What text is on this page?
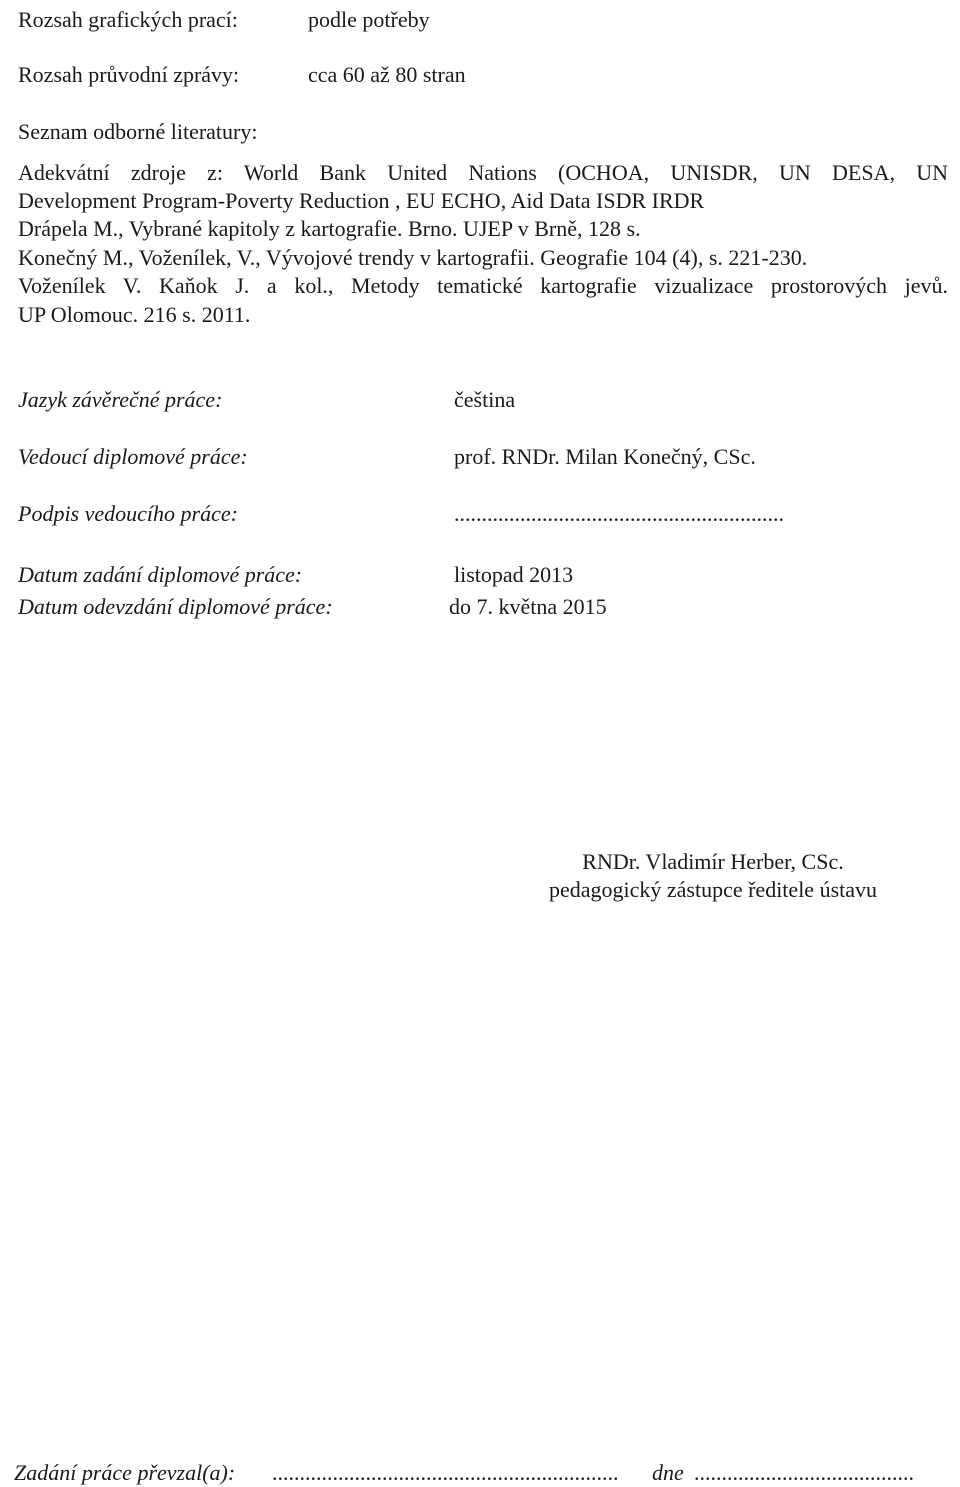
Rozsah grafických prací:	podle potřeby
Rozsah průvodní zprávy:	cca 60 až 80 stran
Seznam odborné literatury:
Adekvátní zdroje z: World Bank United Nations (OCHOA, UNISDR, UN DESA, UN
Development Program-Poverty Reduction , EU ECHO, Aid Data ISDR IRDR
Drápela M., Vybrané kapitoly z kartografie. Brno. UJEP v Brně, 128 s.
Konečný M., Voženílek, V., Vývojové trendy v kartografii. Geografie 104 (4), s. 221-230.
Voženílek V. Kaňok J. a kol., Metody tematické kartografie vizualizace prostorových jevů.
UP Olomouc. 216 s. 2011.
Jazyk závěrečné práce:	čeština
Vedoucí diplomové práce:	prof. RNDr. Milan Konečný, CSc.
Podpis vedoucího práce:	............................................................
Datum zadání diplomové práce:	listopad 2013
Datum odevzdání diplomové práce:	do 7. května 2015
RNDr. Vladimír Herber, CSc.
pedagogický zástupce ředitele ústavu
Zadání práce převzal(a): ............................................................... dne ........................................
